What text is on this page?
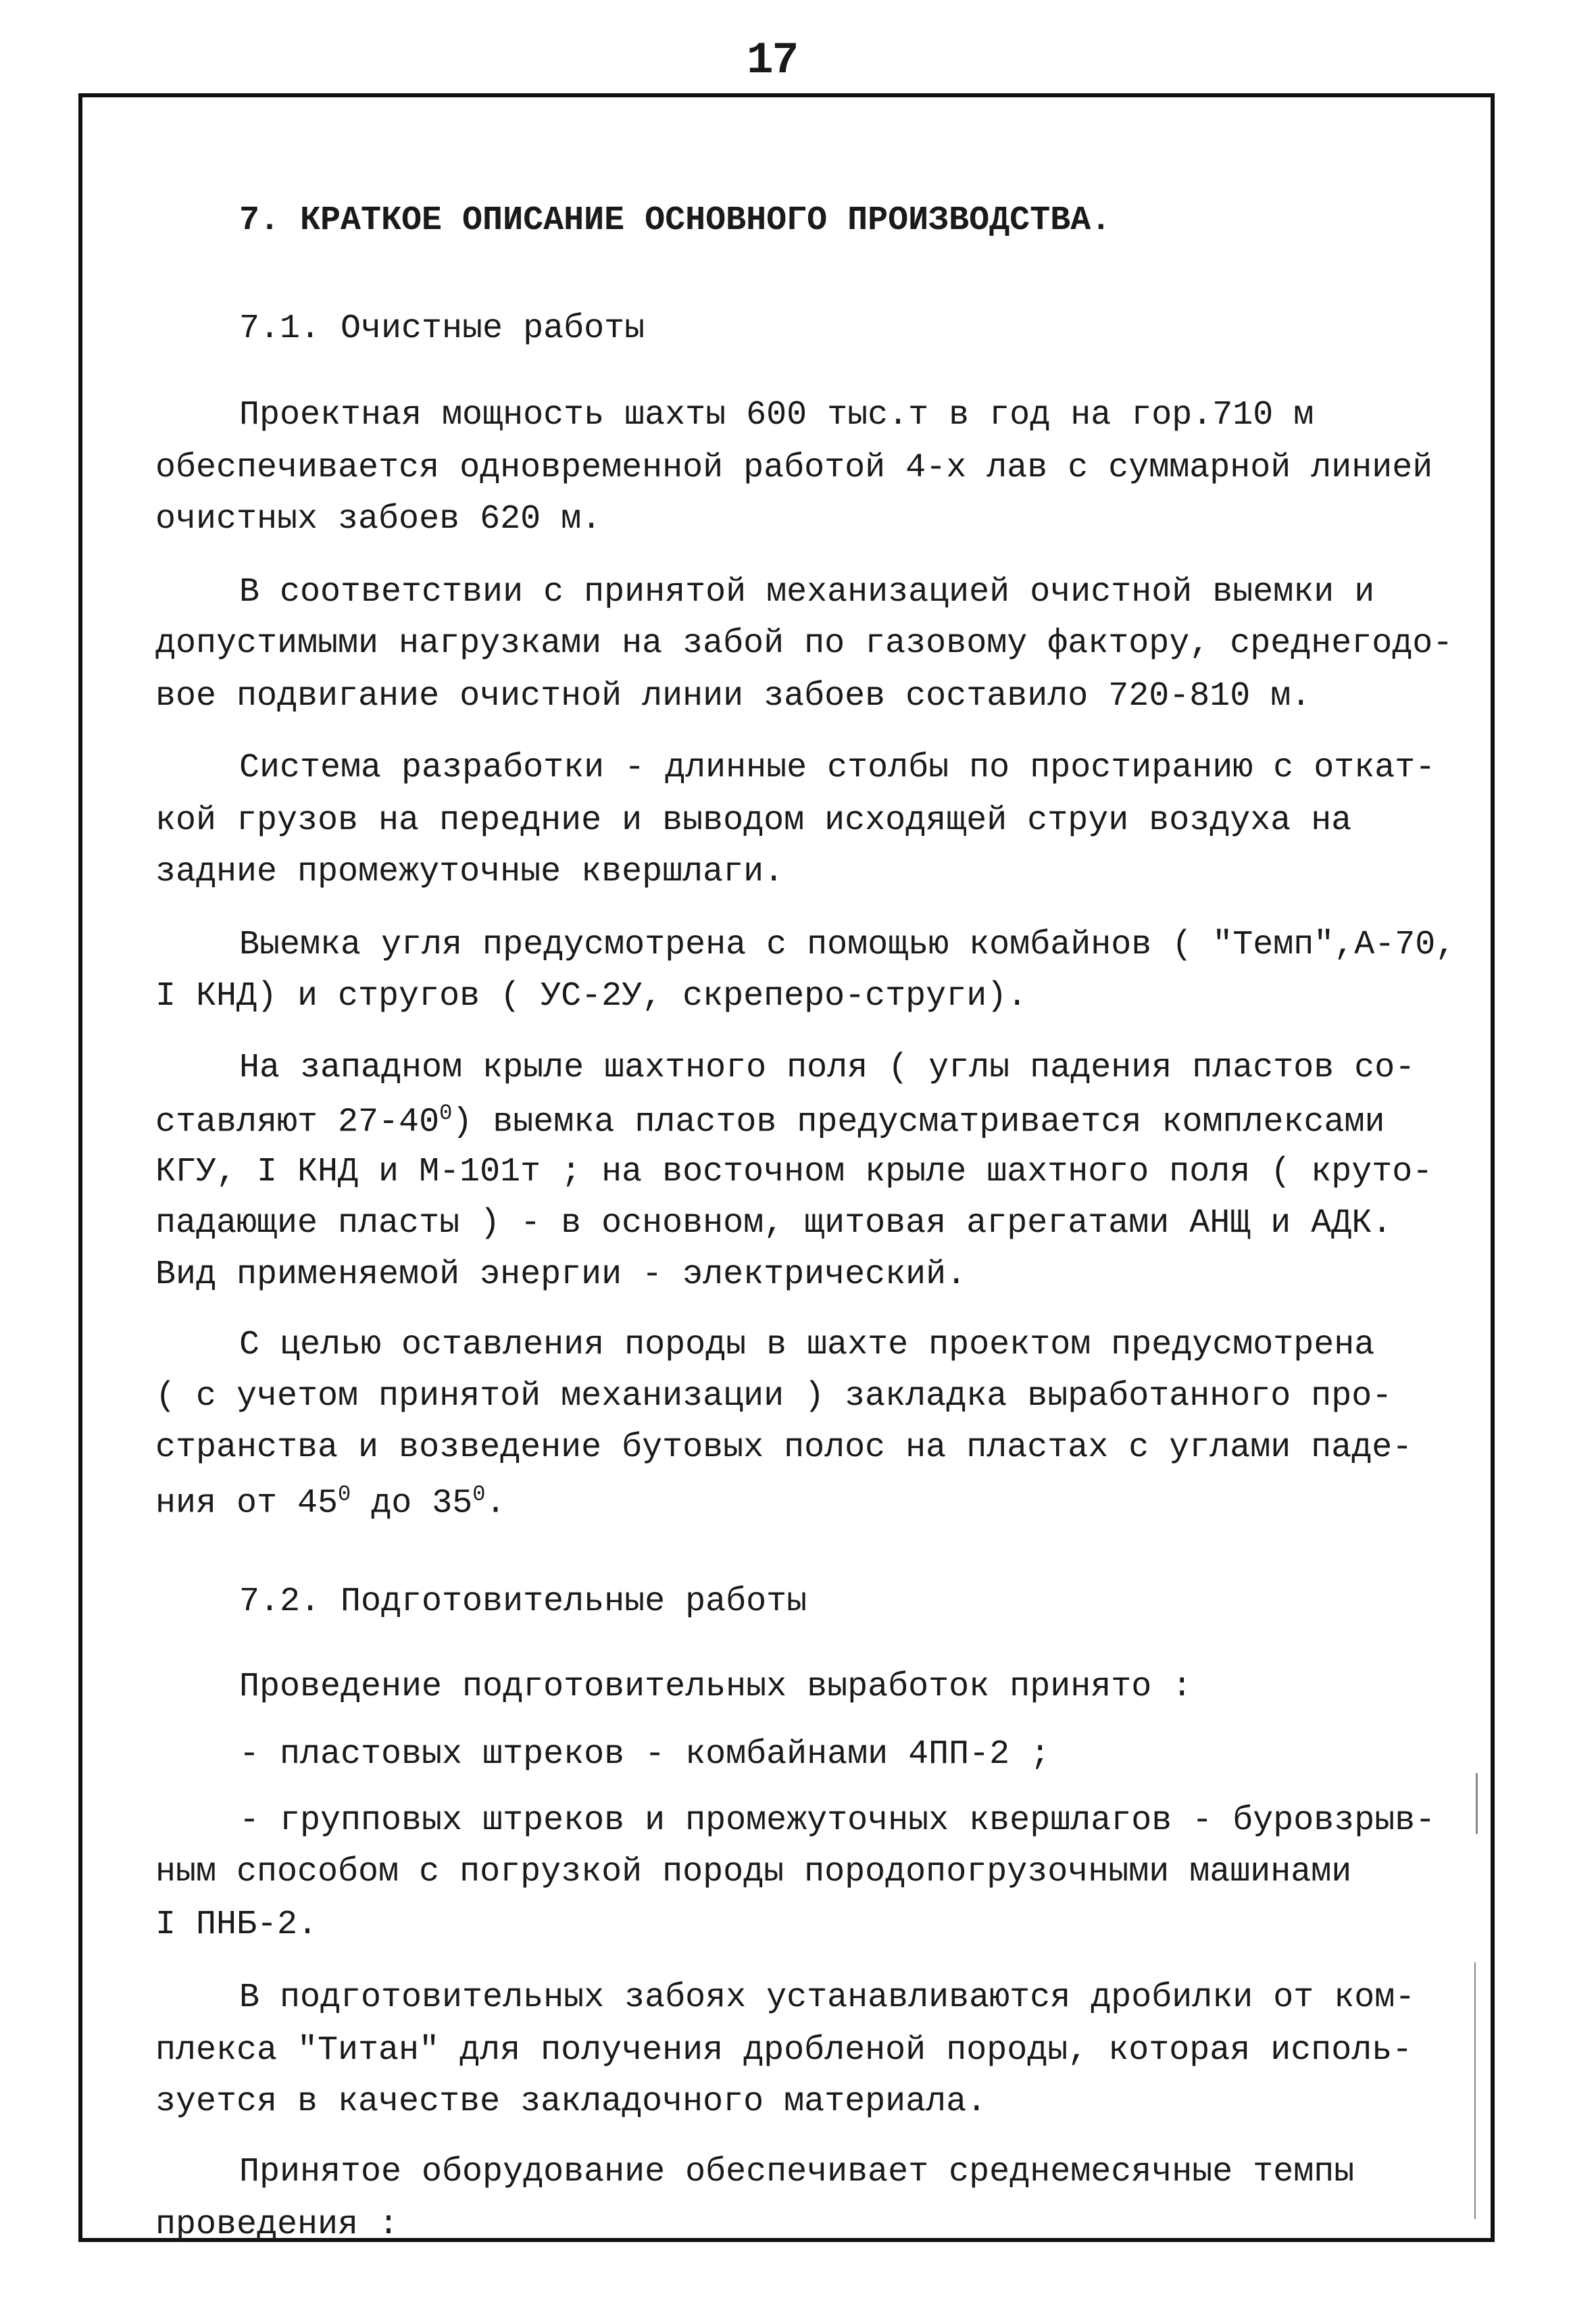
17
7. КРАТКОЕ ОПИСАНИЕ ОСНОВНОГО ПРОИЗВОДСТВА.
7.1. Очистные работы
Проектная мощность шахты 600 тыс.т в год на гор.710 м
обеспечивается одновременной работой 4-х лав с суммарной линией
очистных забоев 620 м.
В соответствии с принятой механизацией очистной выемки и
допустимыми нагрузками на забой по газовому фактору, среднегодо-
вое подвигание очистной линии забоев составило 720-810 м.
Система разработки - длинные столбы по простиранию с откат-
кой грузов на передние и выводом исходящей струи воздуха на
задние промежуточные квершлаги.
Выемка угля предусмотрена с помощью комбайнов ( "Темп",А-70,
I КНД) и стругов ( УС-2У, скреперо-струги).
На западном крыле шахтного поля ( углы падения пластов со-
ставляют $27-40^0$) выемка пластов предусматривается комплексами
КГУ, I КНД и М-101т ; на восточном крыле шахтного поля ( круто-
падающие пласты ) - в основном, щитовая агрегатами АНЩ и АДК.
Вид применяемой энергии - электрический.
С целью оставления породы в шахте проектом предусмотрена
( с учетом принятой механизации ) закладка выработанного про-
странства и возведение бутовых полос на пластах с углами паде-
ния от $45^0$ до $35^0$.
7.2. Подготовительные работы
Проведение подготовительных выработок принято :
- пластовых штреков - комбайнами 4ПП-2 ;
- групповых штреков и промежуточных квершлагов - буровзрыв-
ным способом с погрузкой породы породопогрузочными машинами
I ПНБ-2.
В подготовительных забоях устанавливаются дробилки от ком-
плекса "Титан" для получения дробленой породы, которая исполь-
зуется в качестве закладочного материала.
Принятое оборудование обеспечивает среднемесячные темпы
проведения :
